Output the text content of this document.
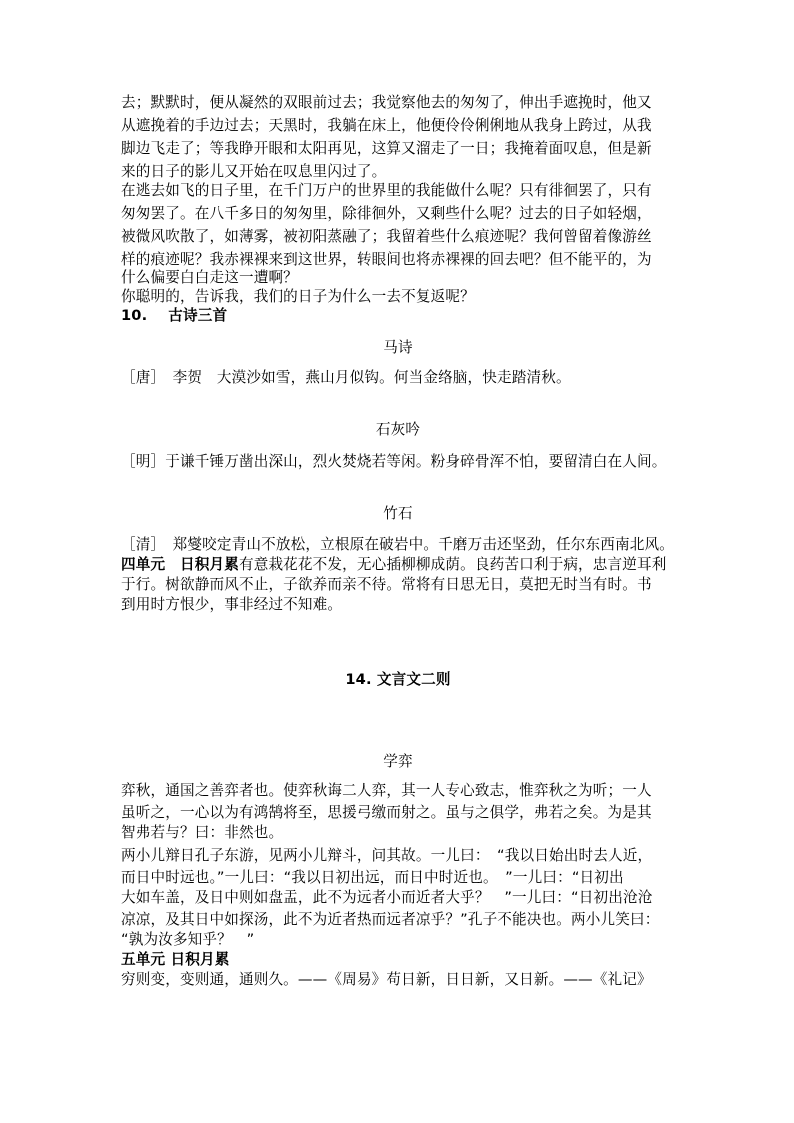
去；默默时，便从凝然的双眼前过去；我觉察他去的匆匆了，伸出手遮挽时，他又
从遮挽着的手边过去；天黑时，我躺在床上，他便伶伶俐俐地从我身上跨过，从我
脚边飞走了；等我睁开眼和太阳再见，这算又溜走了一日；我掩着面叹息，但是新
来的日子的影儿又开始在叹息里闪过了。
在逃去如飞的日子里，在千门万户的世界里的我能做什么呢？只有徘徊罢了，只有
匆匆罢了。在八千多日的匆匆里，除徘徊外，又剩些什么呢？过去的日子如轻烟，
被微风吹散了，如薄雾，被初阳蒸融了；我留着些什么痕迹呢？我何曾留着像游丝
样的痕迹呢？我赤裸裸来到这世界，转眼间也将赤裸裸的回去吧？但不能平的，为
什么偏要白白走这一遭啊？
你聪明的，告诉我，我们的日子为什么一去不复返呢？
10. 古诗三首
马诗
［唐］　李贺　大漠沙如雪，燕山月似钩。何当金络脑，快走踏清秋。
石灰吟
［明］于谦千锤万凿出深山，烈火焚烧若等闲。粉身碎骨浑不怕，要留清白在人间。
竹石
［清］　郑燮咬定青山不放松，立根原在破岩中。千磨万击还坚劲，任尔东西南北风。
四单元　日积月累有意栽花花不发，无心插柳柳成荫。良药苦口利于病，忠言逆耳利
于行。树欲静而风不止，子欲养而亲不待。常将有日思无日，莫把无时当有时。书
到用时方恨少，事非经过不知难。
14. 文言文二则
学弈
弈秋，通国之善弈者也。使弈秋诲二人弈，其一人专心致志，惟弈秋之为听；一人
虽听之，一心以为有鸿鹄将至，思援弓缴而射之。虽与之俱学，弗若之矣。为是其
智弗若与？曰：非然也。
两小儿辩日孔子东游，见两小儿辩斗，问其故。一儿曰：　“我以日始出时去人近，
而日中时远也。”一儿曰：“我以日初出远，而日中时近也。　”一儿曰：“日初出
大如车盖，及日中则如盘盂，此不为远者小而近者大乎？　”一儿曰：“日初出沧沧
凉凉，及其日中如探汤，此不为近者热而远者凉乎？”孔子不能决也。两小儿笑曰：
“孰为汝多知乎？　”
五单元 日积月累
穷则变，变则通，通则久。——《周易》苟日新，日日新，又日新。——《礼记》
